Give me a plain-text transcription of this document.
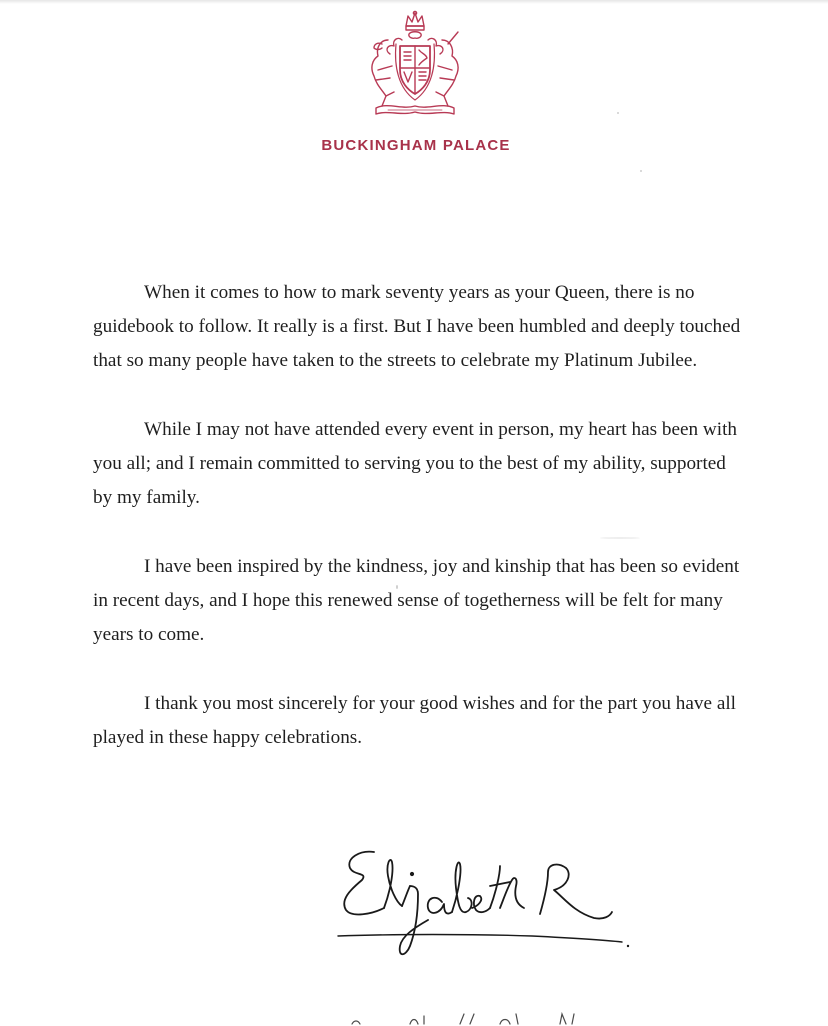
BUCKINGHAM PALACE

When it comes to how to mark seventy years as your Queen, there is no guidebook to follow. It really is a first. But I have been humbled and deeply touched that so many people have taken to the streets to celebrate my Platinum Jubilee.

While I may not have attended every event in person, my heart has been with you all; and I remain committed to serving you to the best of my ability, supported by my family.

I have been inspired by the kindness, joy and kinship that has been so evident in recent days, and I hope this renewed sense of togetherness will be felt for many years to come.

I thank you most sincerely for your good wishes and for the part you have all played in these happy celebrations.
